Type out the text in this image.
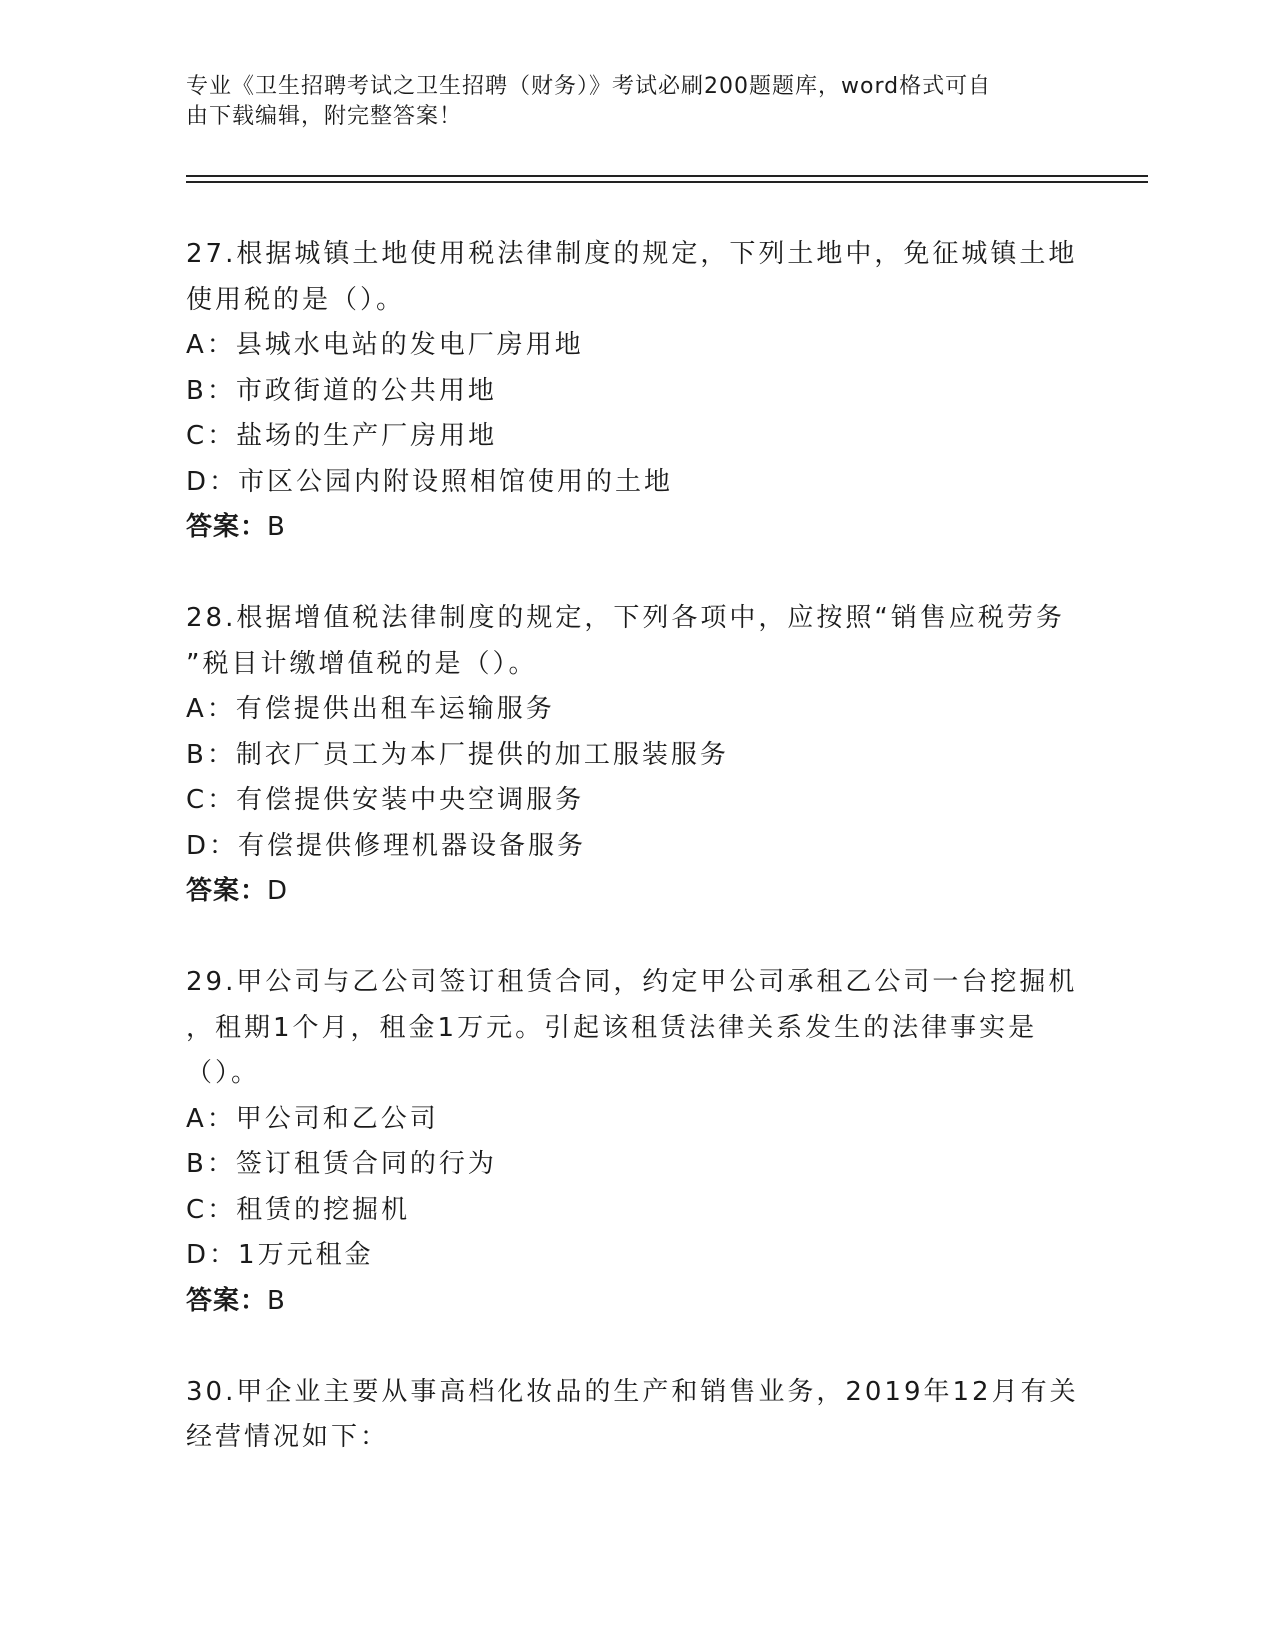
专业《卫生招聘考试之卫生招聘（财务）》考试必刷200题题库，word格式可自
由下载编辑，附完整答案！
27.根据城镇土地使用税法律制度的规定，下列土地中，免征城镇土地
使用税的是（）。
A：县城水电站的发电厂房用地
B：市政街道的公共用地
C：盐场的生产厂房用地
D：市区公园内附设照相馆使用的土地
答案：B
28.根据增值税法律制度的规定，下列各项中，应按照“销售应税劳务
”税目计缴增值税的是（）。
A：有偿提供出租车运输服务
B：制衣厂员工为本厂提供的加工服装服务
C：有偿提供安装中央空调服务
D：有偿提供修理机器设备服务
答案：D
29.甲公司与乙公司签订租赁合同，约定甲公司承租乙公司一台挖掘机
，租期1个月，租金1万元。引起该租赁法律关系发生的法律事实是
（）。
A：甲公司和乙公司
B：签订租赁合同的行为
C：租赁的挖掘机
D：1万元租金
答案：B
30.甲企业主要从事高档化妆品的生产和销售业务，2019年12月有关
经营情况如下：
